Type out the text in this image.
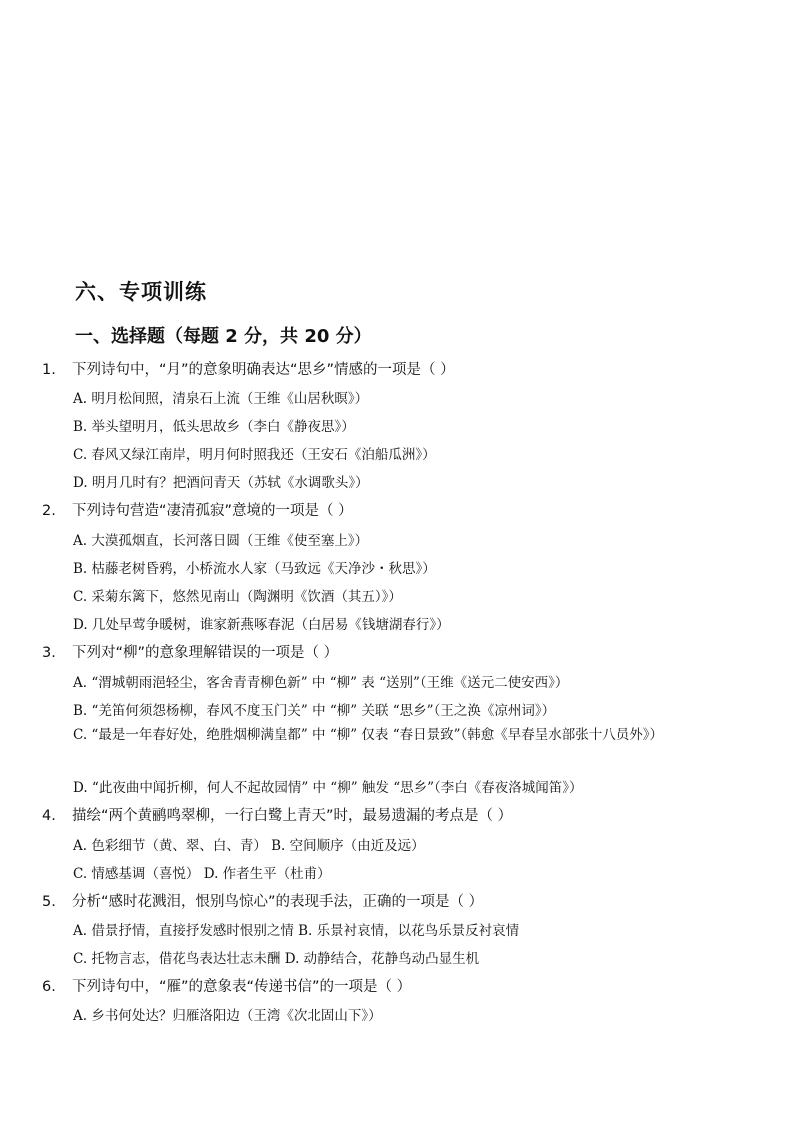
六、专项训练
一、选择题（每题 2 分，共 20 分）
1. 下列诗句中，“月”的意象明确表达“思乡”情感的一项是（ ）
A. 明月松间照，清泉石上流（王维《山居秋暝》）
B. 举头望明月，低头思故乡（李白《静夜思》）
C. 春风又绿江南岸，明月何时照我还（王安石《泊船瓜洲》）
D. 明月几时有？把酒问青天（苏轼《水调歌头》）
2. 下列诗句营造“凄清孤寂”意境的一项是（ ）
A. 大漠孤烟直，长河落日圆（王维《使至塞上》）
B. 枯藤老树昏鸦，小桥流水人家（马致远《天净沙・秋思》）
C. 采菊东篱下，悠然见南山（陶渊明《饮酒（其五）》）
D. 几处早莺争暖树，谁家新燕啄春泥（白居易《钱塘湖春行》）
3. 下列对“柳”的意象理解错误的一项是（ ）
A. “渭城朝雨浥轻尘，客舍青青柳色新” 中 “柳” 表 “送别”（王维《送元二使安西》）
B. “羌笛何须怨杨柳，春风不度玉门关” 中 “柳” 关联 “思乡”（王之涣《凉州词》）
C. “最是一年春好处，绝胜烟柳满皇都” 中 “柳” 仅表 “春日景致”（韩愈《早春呈水部张十八员外》）
D. “此夜曲中闻折柳，何人不起故园情” 中 “柳” 触发 “思乡”（李白《春夜洛城闻笛》）
4. 描绘“两个黄鹂鸣翠柳，一行白鹭上青天”时，最易遗漏的考点是（ ）
A. 色彩细节（黄、翠、白、青） B. 空间顺序（由近及远）
C. 情感基调（喜悦） D. 作者生平（杜甫）
5. 分析“感时花溅泪，恨别鸟惊心”的表现手法，正确的一项是（ ）
A. 借景抒情，直接抒发感时恨别之情 B. 乐景衬哀情，以花鸟乐景反衬哀情
C. 托物言志，借花鸟表达壮志未酬 D. 动静结合，花静鸟动凸显生机
6. 下列诗句中，“雁”的意象表“传递书信”的一项是（ ）
A. 乡书何处达？归雁洛阳边（王湾《次北固山下》）
